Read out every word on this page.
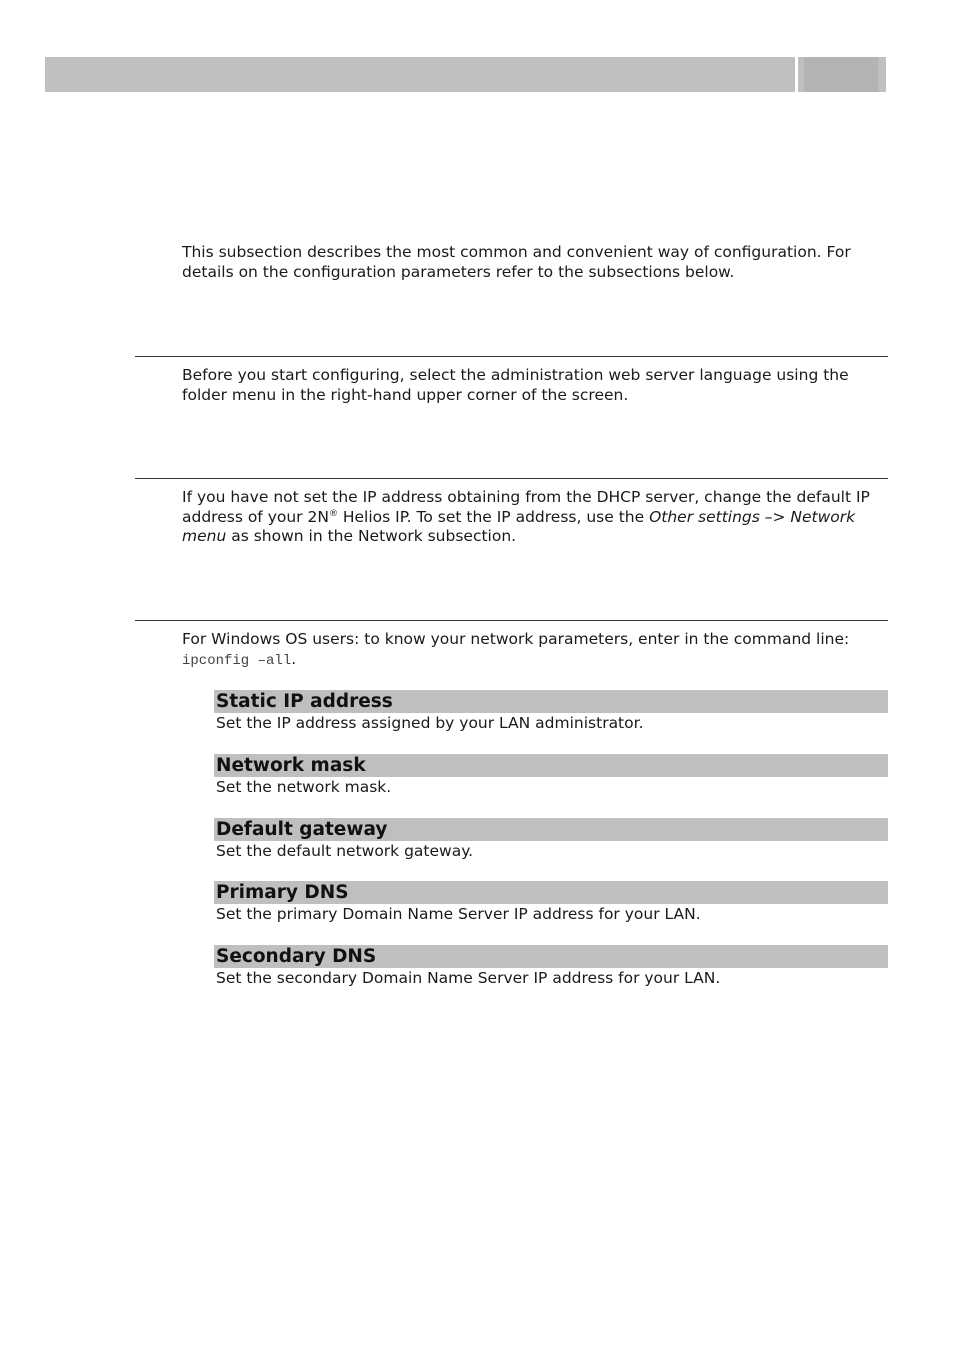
This subsection describes the most common and convenient way of configuration. For details on the configuration parameters refer to the subsections below.

Before you start configuring, select the administration web server language using the folder menu in the right-hand upper corner of the screen.

If you have not set the IP address obtaining from the DHCP server, change the default IP address of your 2N® Helios IP. To set the IP address, use the Other settings –> Network menu as shown in the Network subsection.

For Windows OS users: to know your network parameters, enter in the command line: ipconfig –all.

Static IP address
Set the IP address assigned by your LAN administrator.
Network mask
Set the network mask.
Default gateway
Set the default network gateway.
Primary DNS
Set the primary Domain Name Server IP address for your LAN.
Secondary DNS
Set the secondary Domain Name Server IP address for your LAN.
